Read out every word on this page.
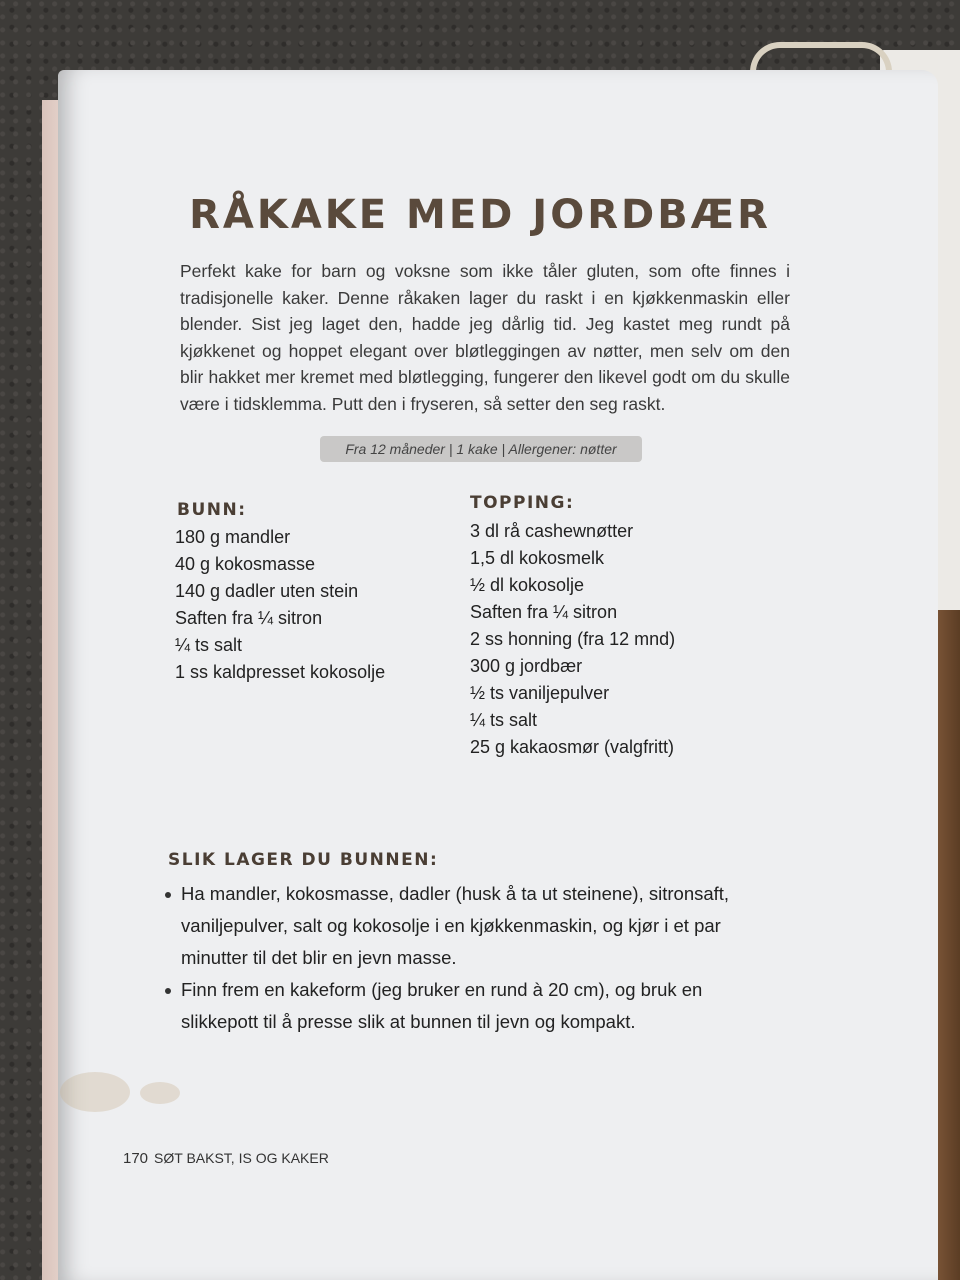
RÅKAKE MED JORDBÆR
Perfekt kake for barn og voksne som ikke tåler gluten, som ofte finnes i tradisjonelle kaker. Denne råkaken lager du raskt i en kjøkkenmaskin eller blender. Sist jeg laget den, hadde jeg dårlig tid. Jeg kastet meg rundt på kjøkkenet og hoppet elegant over bløtleggingen av nøtter, men selv om den blir hakket mer kremet med bløtlegging, fungerer den likevel godt om du skulle være i tidsklemma. Putt den i fryseren, så setter den seg raskt.
Fra 12 måneder | 1 kake | Allergener: nøtter
BUNN:
180 g mandler
40 g kokosmasse
140 g dadler uten stein
Saften fra ¼ sitron
¼ ts salt
1 ss kaldpresset kokosolje
TOPPING:
3 dl rå cashewnøtter
1,5 dl kokosmelk
½ dl kokosolje
Saften fra ¼ sitron
2 ss honning (fra 12 mnd)
300 g jordbær
½ ts vaniljepulver
¼ ts salt
25 g kakaosmør (valgfritt)
SLIK LAGER DU BUNNEN:
Ha mandler, kokosmasse, dadler (husk å ta ut steinene), sitronsaft, vaniljepulver, salt og kokosolje i en kjøkkenmaskin, og kjør i et par minutter til det blir en jevn masse.
Finn frem en kakeform (jeg bruker en rund à 20 cm), og bruk en slikkepott til å presse slik at bunnen til jevn og kompakt.
170 SØT BAKST, IS OG KAKER
